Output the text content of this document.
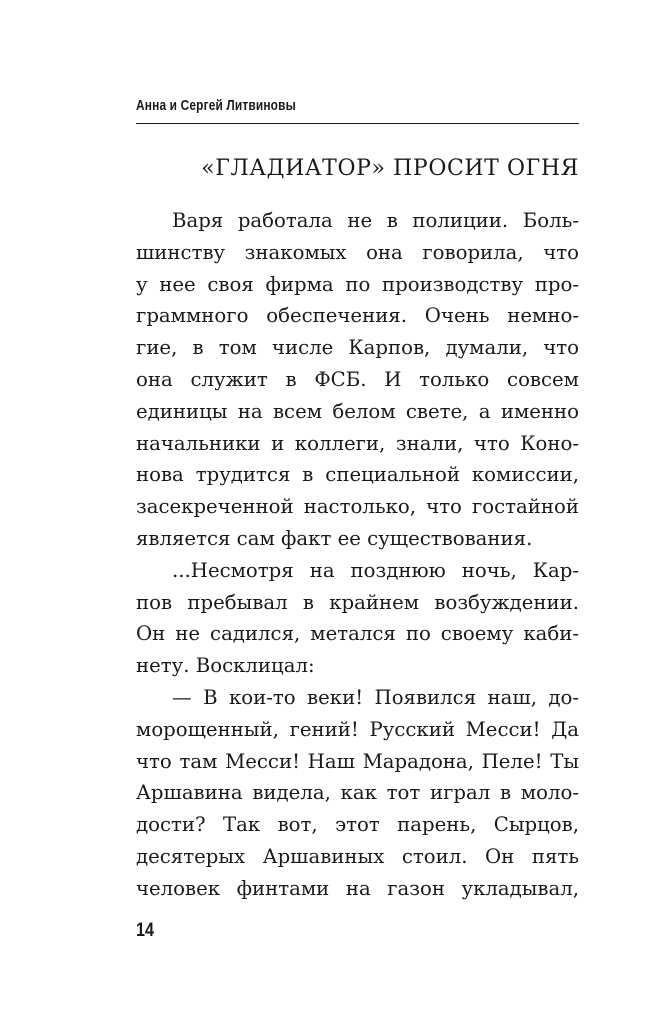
Анна и Сергей Литвиновы
«ГЛАДИАТОР» ПРОСИТ ОГНЯ
Варя работала не в полиции. Боль-
шинству знакомых она говорила, что
у нее своя фирма по производству про-
граммного обеспечения. Очень немно-
гие, в том числе Карпов, думали, что
она служит в ФСБ. И только совсем
единицы на всем белом свете, а именно
начальники и коллеги, знали, что Коно-
нова трудится в специальной комиссии,
засекреченной настолько, что гостайной
является сам факт ее существования.
...Несмотря на позднюю ночь, Кар-
пов пребывал в крайнем возбуждении.
Он не садился, метался по своему каби-
нету. Восклицал:
— В кои-то веки! Появился наш, до-
морощенный, гений! Русский Месси! Да
что там Месси! Наш Марадона, Пеле! Ты
Аршавина видела, как тот играл в моло-
дости? Так вот, этот парень, Сырцов,
десятерых Аршавиных стоил. Он пять
человек финтами на газон укладывал,
14
